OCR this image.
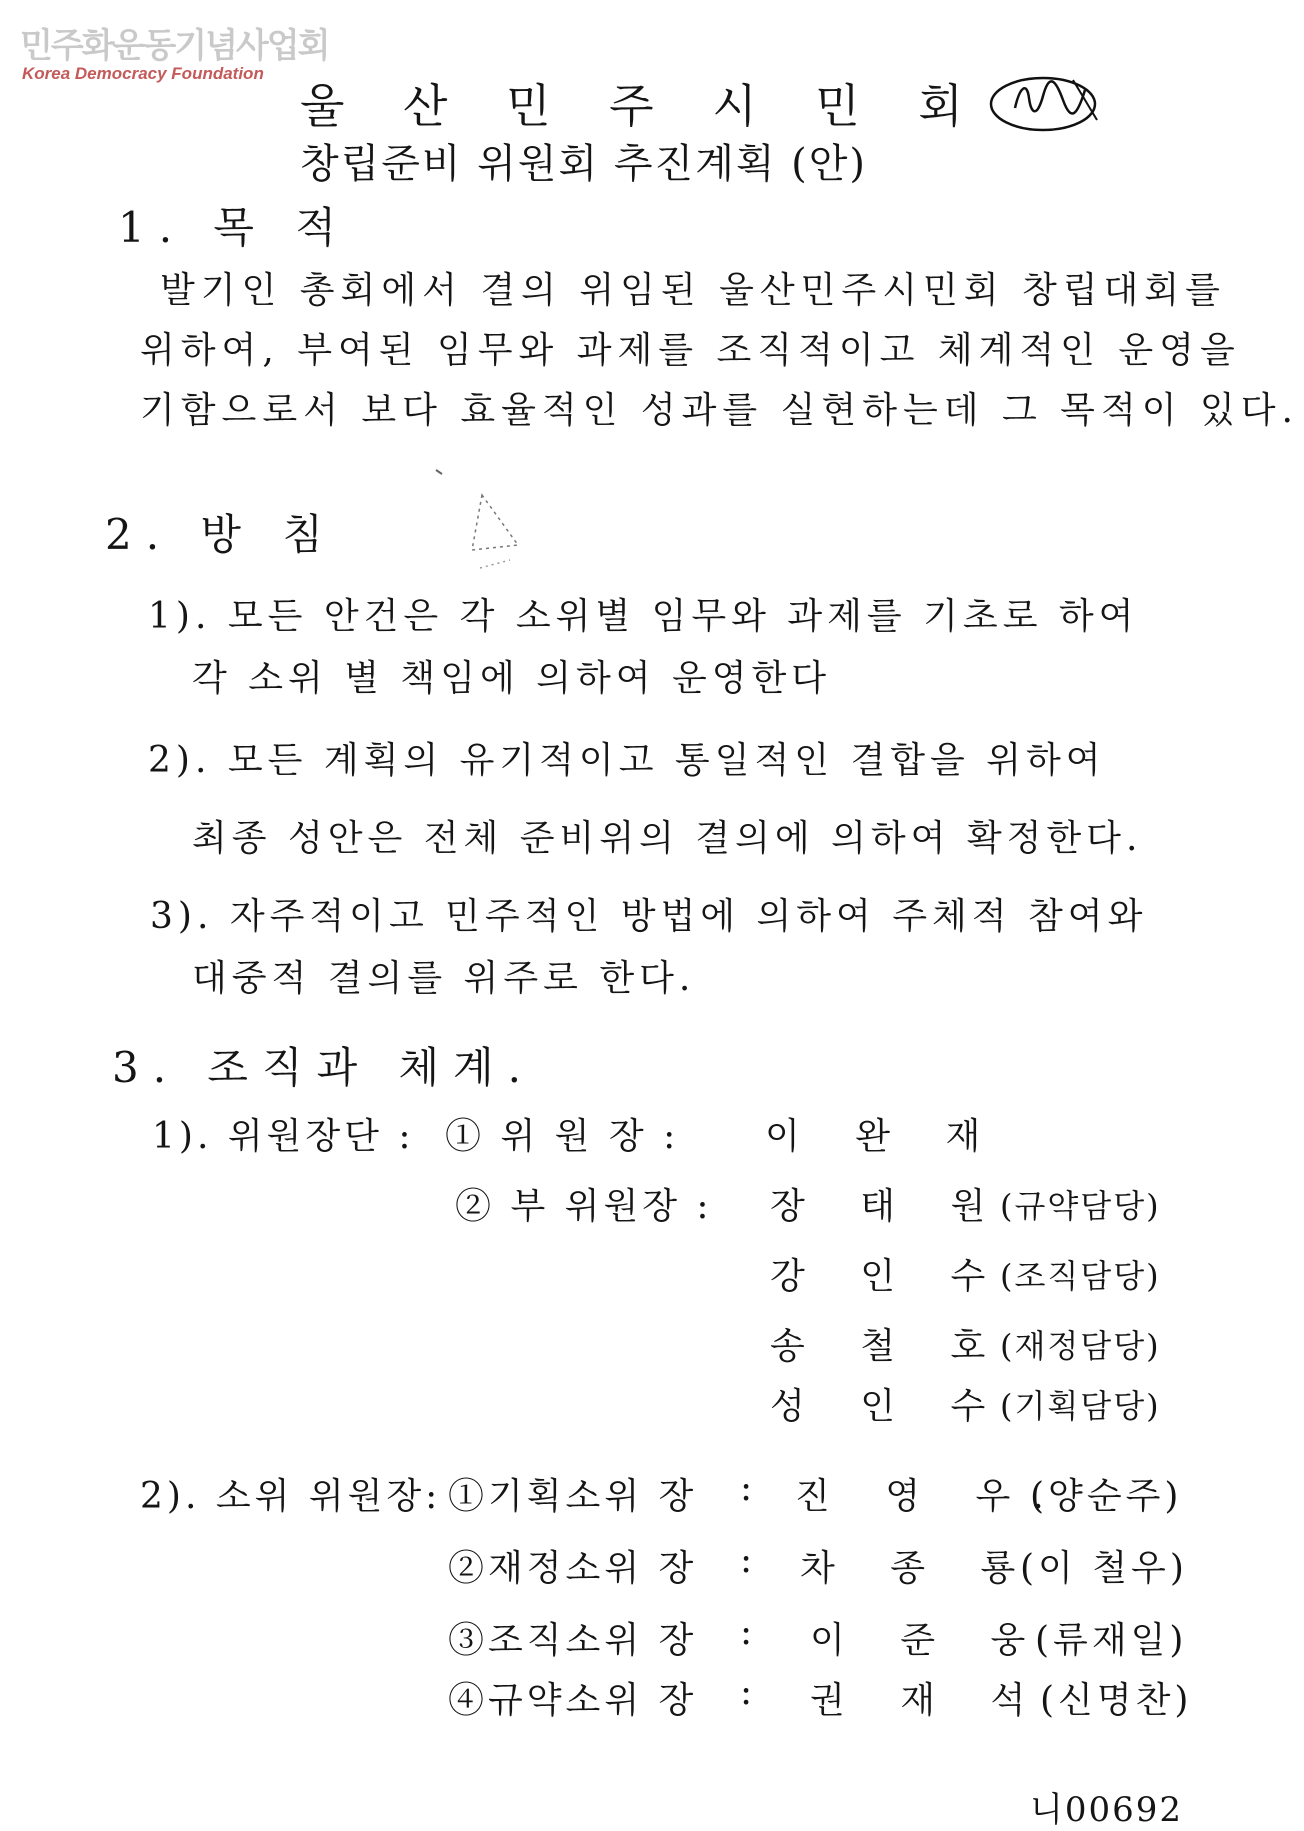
민주화운동기념사업회
Korea Democracy Foundation
울 산 민 주 시 민 회
창립준비 위원회 추진계획 (안)
1. 목 적
발기인 총회에서 결의 위임된 울산민주시민회 창립대회를
위하여, 부여된 임무와 과제를 조직적이고 체계적인 운영을
기함으로서 보다 효율적인 성과를 실현하는데 그 목적이 있다.
2. 방 침
1). 모든 안건은 각 소위별 임무와 과제를 기초로 하여
각 소위 별 책임에 의하여 운영한다
2). 모든 계획의 유기적이고 통일적인 결합을 위하여
최종 성안은 전체 준비위의 결의에 의하여 확정한다.
3). 자주적이고 민주적인 방법에 의하여 주체적 참여와
대중적 결의를 위주로 한다.
3. 조직과 체계.
1). 위원장단 : ① 위 원 장 : 이 완 재
② 부 위원장 : 장 태 원
(규약담당)
강 인 수
(조직담당)
송 철 호
(재정담당)
성 인 수
(기획담당)
2). 소위 위원장: ①기획소위 장 : 진 영 우.
(양순주)
②재정소위 장 : 차 종 룡
(이 철우)
③조직소위 장 : 이 준 웅
(류재일)
④규약소위 장 : 권 재 석
(신명찬)
니00692
